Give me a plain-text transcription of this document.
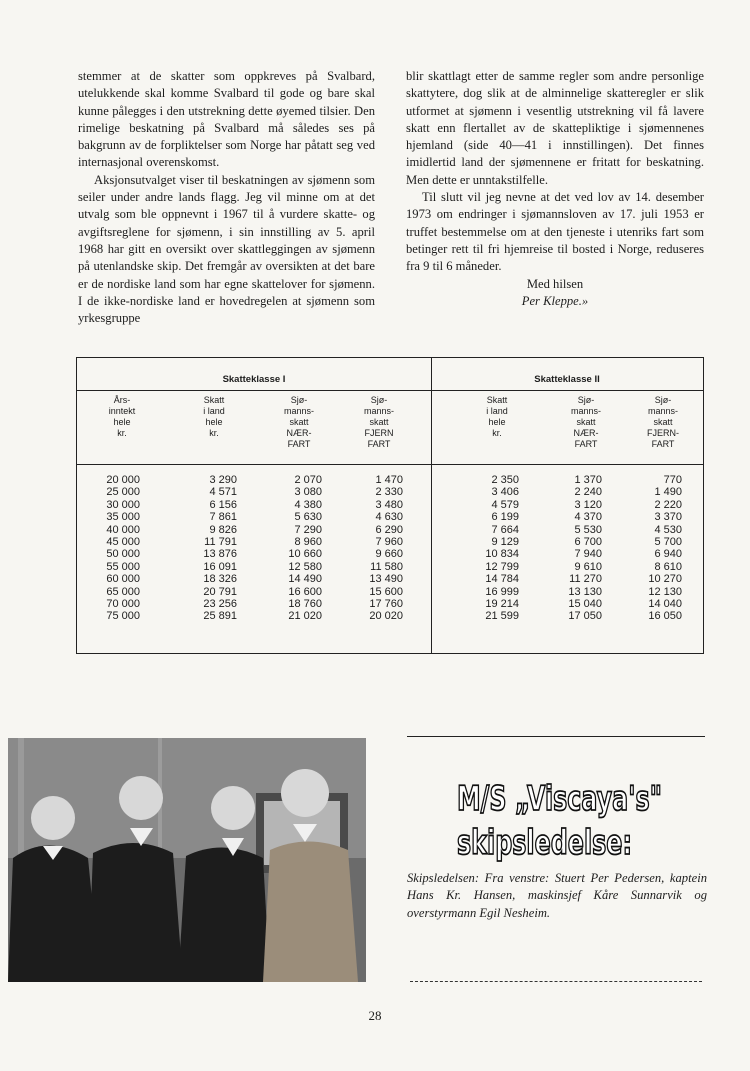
stemmer at de skatter som oppkreves på Svalbard, utelukkende skal komme Svalbard til gode og bare skal kunne pålegges i den utstrekning dette øyemed tilsier. Den rimelige beskatning på Svalbard må således ses på bakgrunn av de forpliktelser som Norge har påtatt seg ved internasjonal overenskomst.

Aksjonsutvalget viser til beskatningen av sjømenn som seiler under andre lands flagg. Jeg vil minne om at det utvalg som ble oppnevnt i 1967 til å vurdere skatte- og avgiftsreglene for sjømenn, i sin innstilling av 5. april 1968 har gitt en oversikt over skattleggingen av sjømenn på utenlandske skip. Det fremgår av oversikten at det bare er de nordiske land som har egne skattelover for sjømenn. I de ikke-nordiske land er hovedregelen at sjømenn som yrkesgruppe

blir skattlagt etter de samme regler som andre personlige skattytere, dog slik at de alminnelige skatteregler er slik utformet at sjømenn i vesentlig utstrekning vil få lavere skatt enn flertallet av de skattepliktige i sjømennenes hjemland (side 40—41 i innstillingen). Det finnes imidlertid land der sjømennene er fritatt for beskatning. Men dette er unntakstilfelle.

Til slutt vil jeg nevne at det ved lov av 14. desember 1973 om endringer i sjømannsloven av 17. juli 1953 er truffet bestemmelse om at den tjeneste i utenriks fart som betinger rett til fri hjemreise til bosted i Norge, reduseres fra 9 til 6 måneder.

Med hilsen

Per Kleppe.»

Skatteklasse I	Skatteklasse II
Års-
inntekt
hele
kr.
Skatt
i land
hele
kr.
Sjø-
manns-
skatt
NÆR-
FART
Sjø-
manns-
skatt
FJERN
FART
Skatt
i land
hele
kr.
Sjø-
manns-
skatt
NÆR-
FART
Sjø-
manns-
skatt
FJERN-
FART
20 000
25 000
30 000
35 000
40 000
45 000
50 000
55 000
60 000
65 000
70 000
75 000
3 290
4 571
6 156
7 861
9 826
11 791
13 876
16 091
18 326
20 791
23 256
25 891
2 070
3 080
4 380
5 630
7 290
8 960
10 660
12 580
14 490
16 600
18 760
21 020
1 470
2 330
3 480
4 630
6 290
7 960
9 660
11 580
13 490
15 600
17 760
20 020
2 350
3 406
4 579
6 199
7 664
9 129
10 834
12 799
14 784
16 999
19 214
21 599
1 370
2 240
3 120
4 370
5 530
6 700
7 940
9 610
11 270
13 130
15 040
17 050
770
1 490
2 220
3 370
4 530
5 700
6 940
8 610
10 270
12 130
14 040
16 050
M/S „Viscaya's"
skipsledelse:
Skipsledelsen: Fra venstre: Stuert Per Pedersen, kaptein Hans Kr. Hansen, maskinsjef Kåre Sunnarvik og overstyrmann Egil Nesheim.
28
